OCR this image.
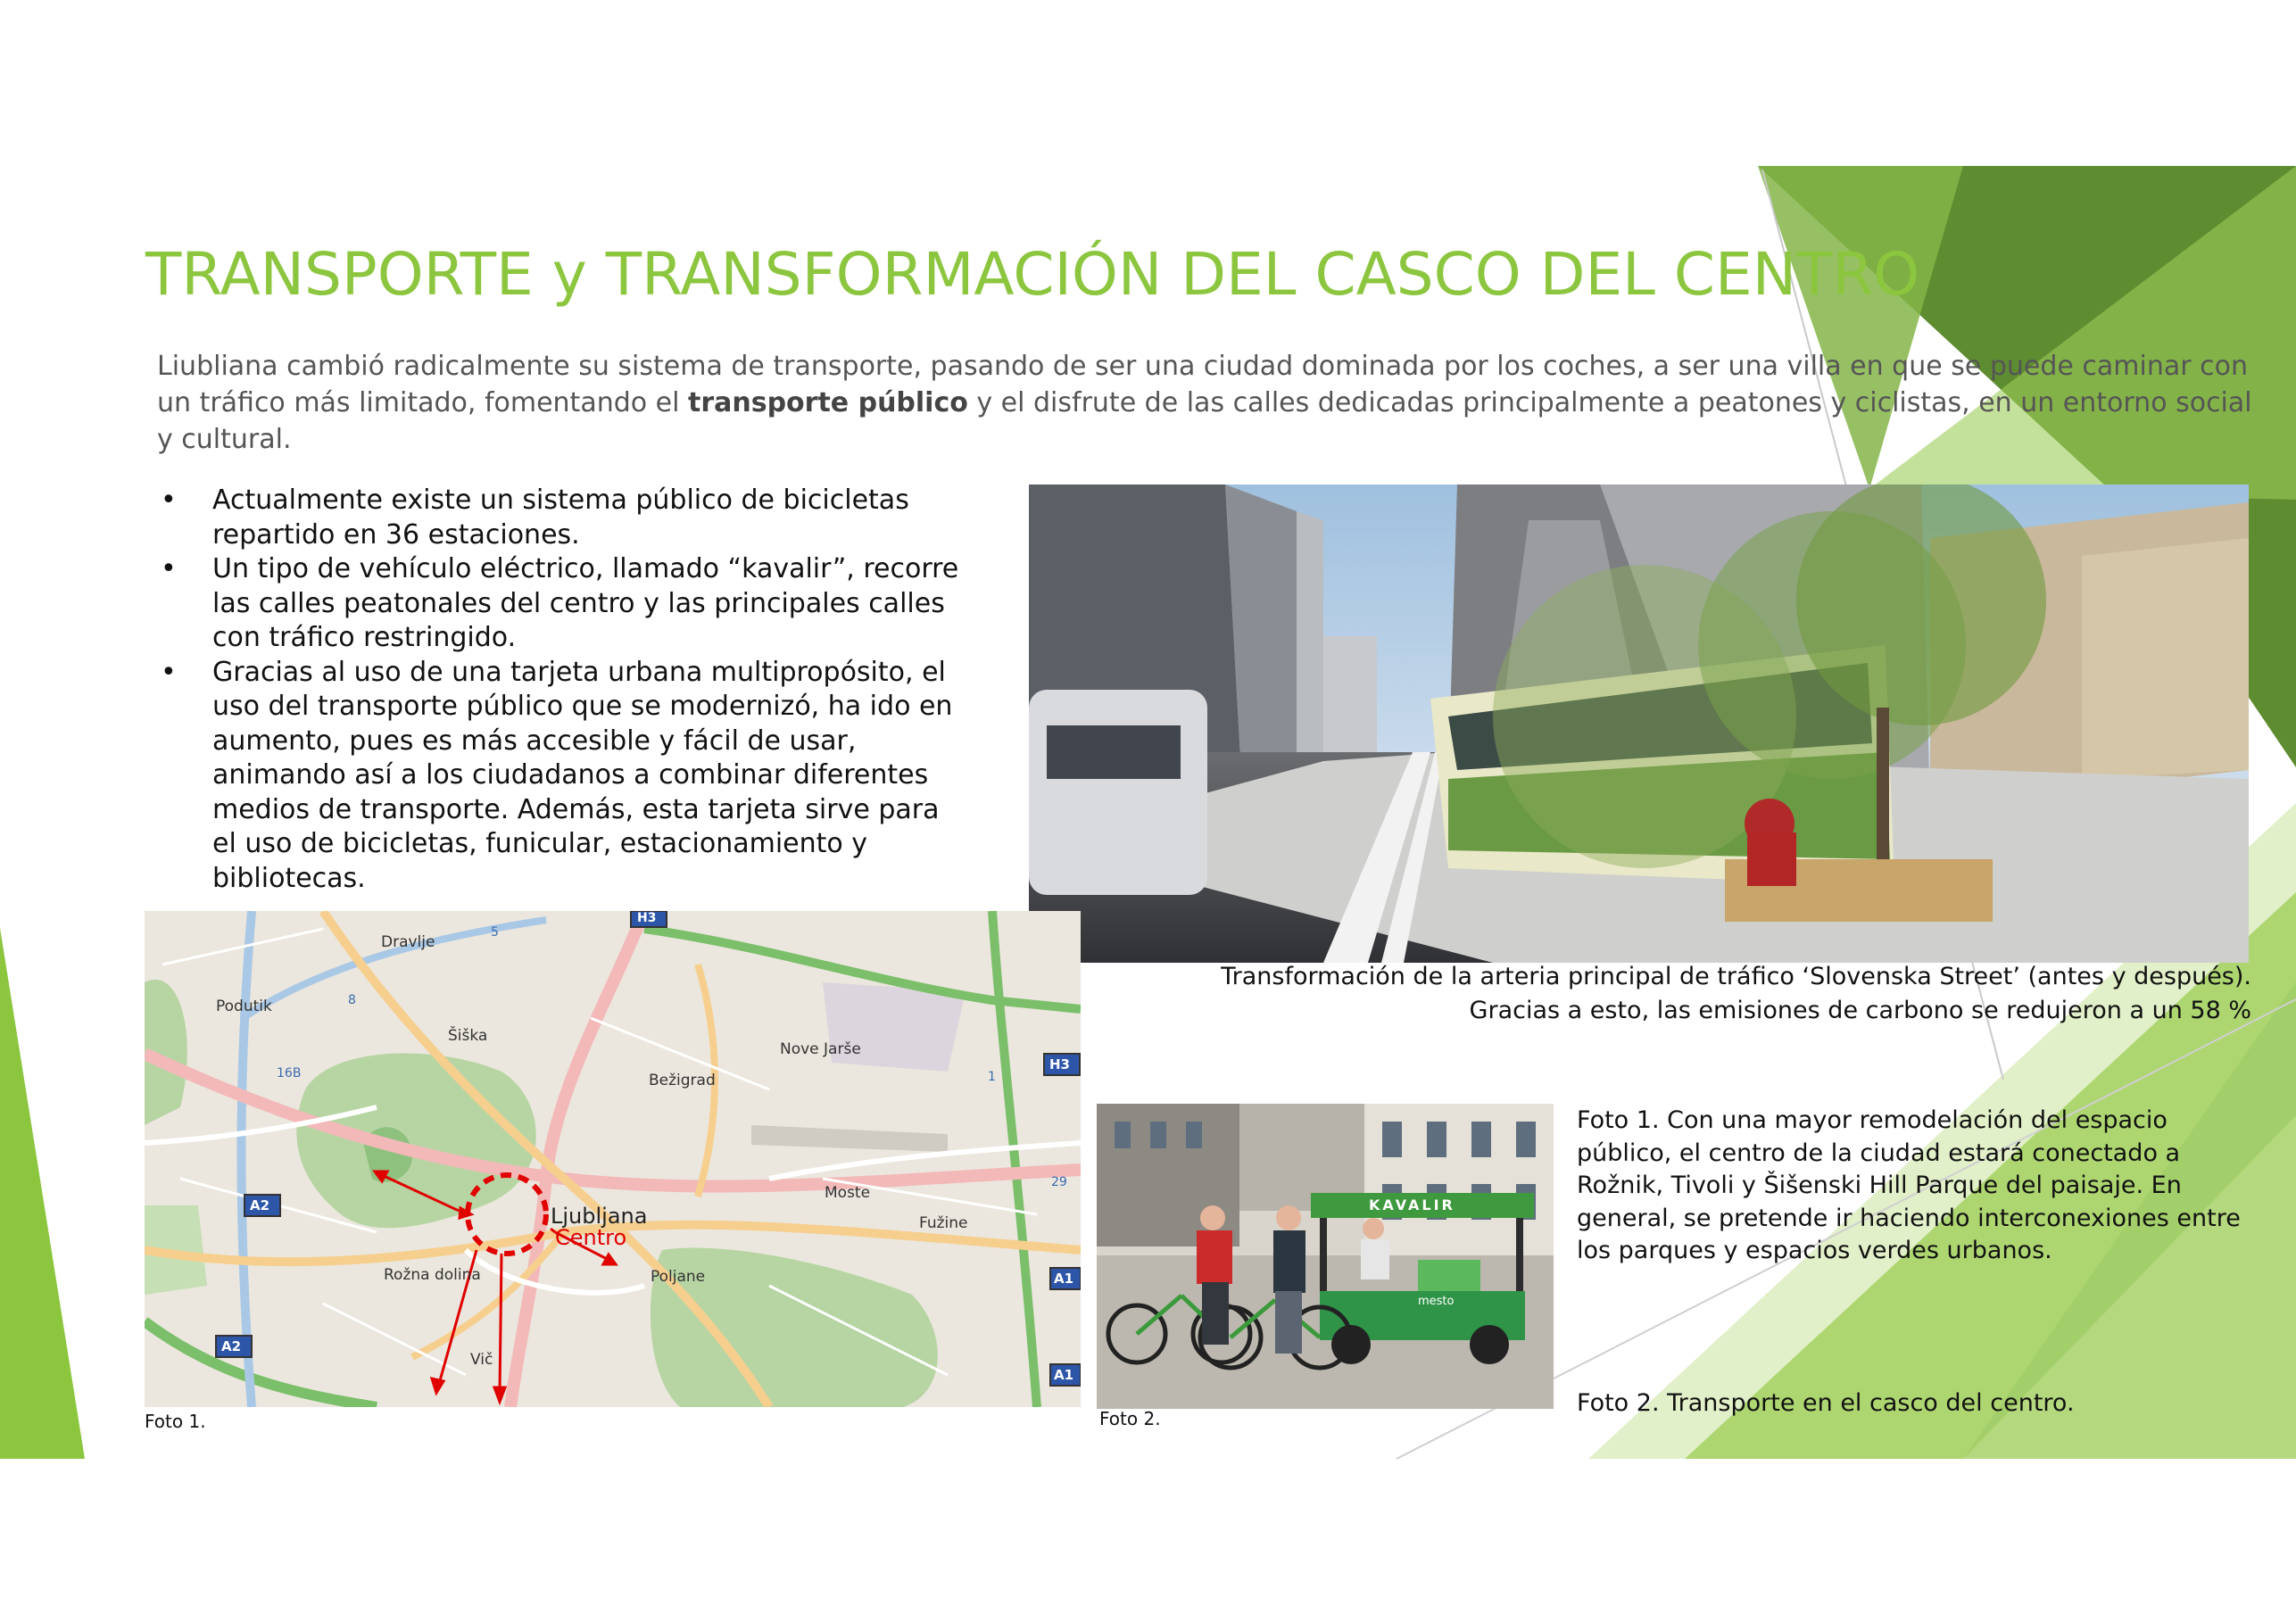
TRANSPORTE y TRANSFORMACIÓN DEL CASCO DEL CENTRO
Liubliana cambió radicalmente su sistema de transporte, pasando de ser una ciudad dominada por los coches, a ser una villa en que se puede caminar con un tráfico más limitado, fomentando el transporte público y el disfrute de las calles dedicadas principalmente a peatones y ciclistas, en un entorno social y cultural.
• Actualmente existe un sistema público de bicicletas repartido en 36 estaciones.
• Un tipo de vehículo eléctrico, llamado “kavalir”, recorre las calles peatonales del centro y las principales calles con tráfico restringido.
• Gracias al uso de una tarjeta urbana multipropósito, el uso del transporte público que se modernizó, ha ido en aumento, pues es más accesible y fácil de usar, animando así a los ciudadanos a combinar diferentes medios de transporte. Además, esta tarjeta sirve para el uso de bicicletas, funicular, estacionamiento y bibliotecas.
Transformación de la arteria principal de tráfico ‘Slovenska Street’ (antes y después).
Gracias a esto, las emisiones de carbono se redujeron a un 58 %
Dravlje
Podutik
Šiška
Bežigrad
Nove Jarše
Moste
Fužine
Rožna dolina
Vič
Poljane
Ljubljana
Centro
H3
H3
A2
A2
A1
A1
5
8
16B	1
29
Foto 1.
KAVALIR
mesto
Foto 2.
Foto 1. Con una mayor remodelación del espacio público, el centro de la ciudad estará conectado a Rožnik, Tivoli y Šišenski Hill Parque del paisaje. En general, se pretende ir haciendo interconexiones entre los parques y espacios verdes urbanos.
Foto 2. Transporte en el casco del centro.
